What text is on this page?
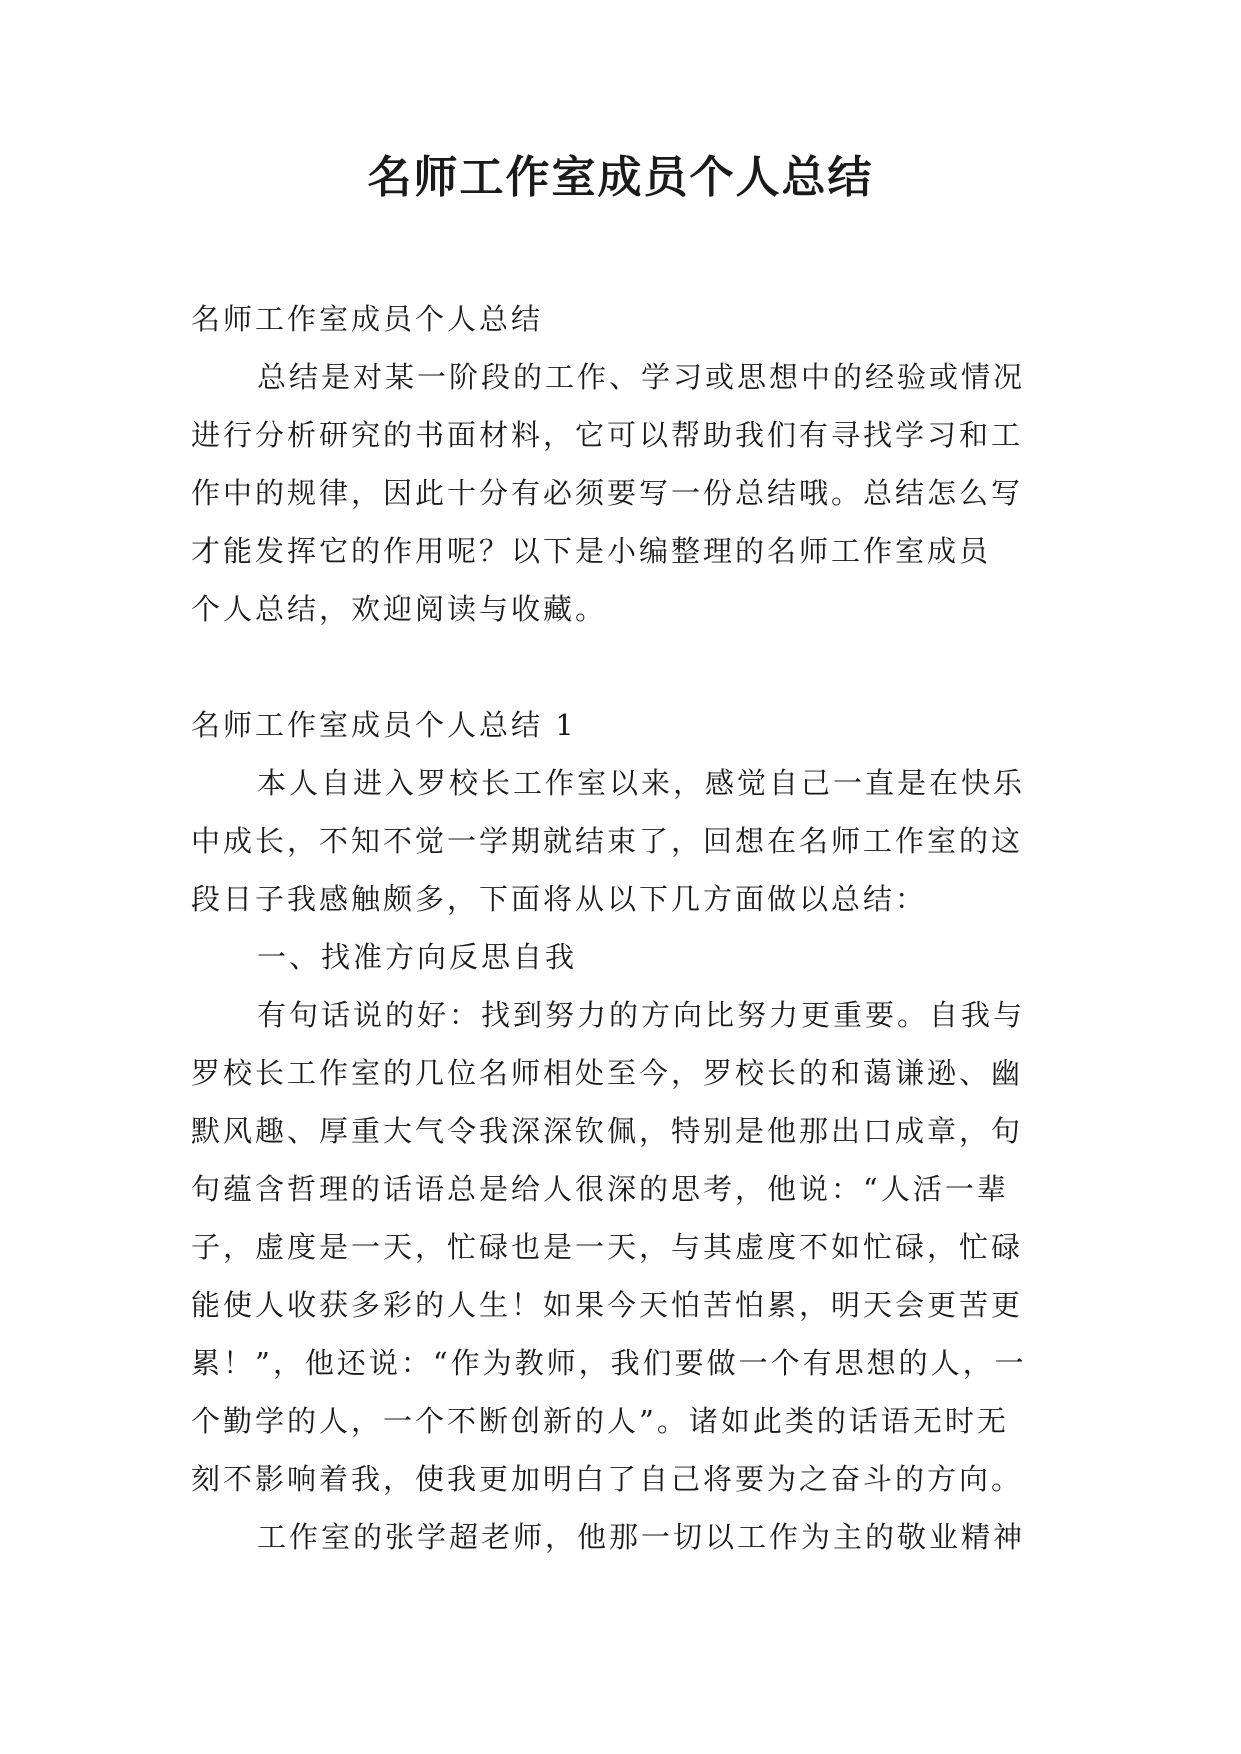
名师工作室成员个人总结

名师工作室成员个人总结

总结是对某一阶段的工作、学习或思想中的经验或情况

进行分析研究的书面材料，它可以帮助我们有寻找学习和工

作中的规律，因此十分有必须要写一份总结哦。总结怎么写

才能发挥它的作用呢？以下是小编整理的名师工作室成员

个人总结，欢迎阅读与收藏。

名师工作室成员个人总结 1

本人自进入罗校长工作室以来，感觉自己一直是在快乐

中成长，不知不觉一学期就结束了，回想在名师工作室的这

段日子我感触颇多，下面将从以下几方面做以总结：

一、找准方向反思自我

有句话说的好：找到努力的方向比努力更重要。自我与

罗校长工作室的几位名师相处至今，罗校长的和蔼谦逊、幽

默风趣、厚重大气令我深深钦佩，特别是他那出口成章，句

句蕴含哲理的话语总是给人很深的思考，他说：“人活一辈

子，虚度是一天，忙碌也是一天，与其虚度不如忙碌，忙碌

能使人收获多彩的人生！如果今天怕苦怕累，明天会更苦更

累！”，他还说：“作为教师，我们要做一个有思想的人，一

个勤学的人，一个不断创新的人”。诸如此类的话语无时无

刻不影响着我，使我更加明白了自己将要为之奋斗的方向。

工作室的张学超老师，他那一切以工作为主的敬业精神
